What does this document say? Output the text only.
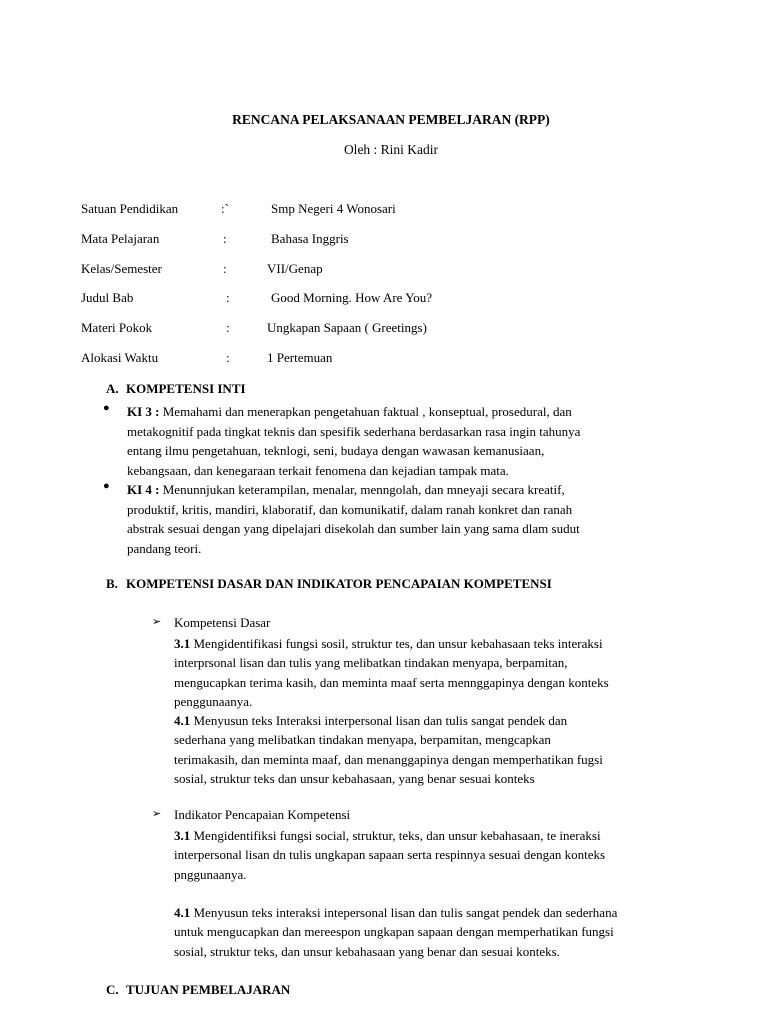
RENCANA PELAKSANAAN PEMBELJARAN (RPP)
Oleh : Rini Kadir
Satuan Pendidikan	:`	Smp Negeri 4 Wonosari
Mata Pelajaran	:	Bahasa Inggris
Kelas/Semester	:	VII/Genap
Judul Bab	:	Good Morning. How Are You?
Materi Pokok	:	Ungkapan Sapaan ( Greetings)
Alokasi Waktu	:	1 Pertemuan
A. KOMPETENSI INTI
● KI 3 : Memahami dan menerapkan pengetahuan faktual , konseptual, prosedural, dan
metakognitif pada tingkat teknis dan spesifik sederhana berdasarkan rasa ingin tahunya
entang ilmu pengetahuan, teknlogi, seni, budaya dengan wawasan kemanusiaan,
kebangsaan, dan kenegaraan terkait fenomena dan kejadian tampak mata.
● KI 4 : Menunnjukan keterampilan, menalar, menngolah, dan mneyaji secara kreatif,
produktif, kritis, mandiri, klaboratif, dan komunikatif, dalam ranah konkret dan ranah
abstrak sesuai dengan yang dipelajari disekolah dan sumber lain yang sama dlam sudut
pandang teori.
B. KOMPETENSI DASAR DAN INDIKATOR PENCAPAIAN KOMPETENSI
➢ Kompetensi Dasar
3.1 Mengidentifikasi fungsi sosil, struktur tes, dan unsur kebahasaan teks interaksi
interprsonal lisan dan tulis yang melibatkan tindakan menyapa, berpamitan,
mengucapkan terima kasih, dan meminta maaf serta mennggapinya dengan konteks
penggunaanya.
4.1 Menyusun teks Interaksi interpersonal lisan dan tulis sangat pendek dan
sederhana yang melibatkan tindakan menyapa, berpamitan, mengcapkan
terimakasih, dan meminta maaf, dan menanggapinya dengan memperhatikan fugsi
sosial, struktur teks dan unsur kebahasaan, yang benar sesuai konteks
➢ Indikator Pencapaian Kompetensi
3.1 Mengidentifiksi fungsi social, struktur, teks, dan unsur kebahasaan, te ineraksi
interpersonal lisan dn tulis ungkapan sapaan serta respinnya sesuai dengan konteks
pnggunaanya.
4.1 Menyusun teks interaksi intepersonal lisan dan tulis sangat pendek dan sederhana
untuk mengucapkan dan mereespon ungkapan sapaan dengan memperhatikan fungsi
sosial, struktur teks, dan unsur kebahasaan yang benar dan sesuai konteks.
C. TUJUAN PEMBELAJARAN
